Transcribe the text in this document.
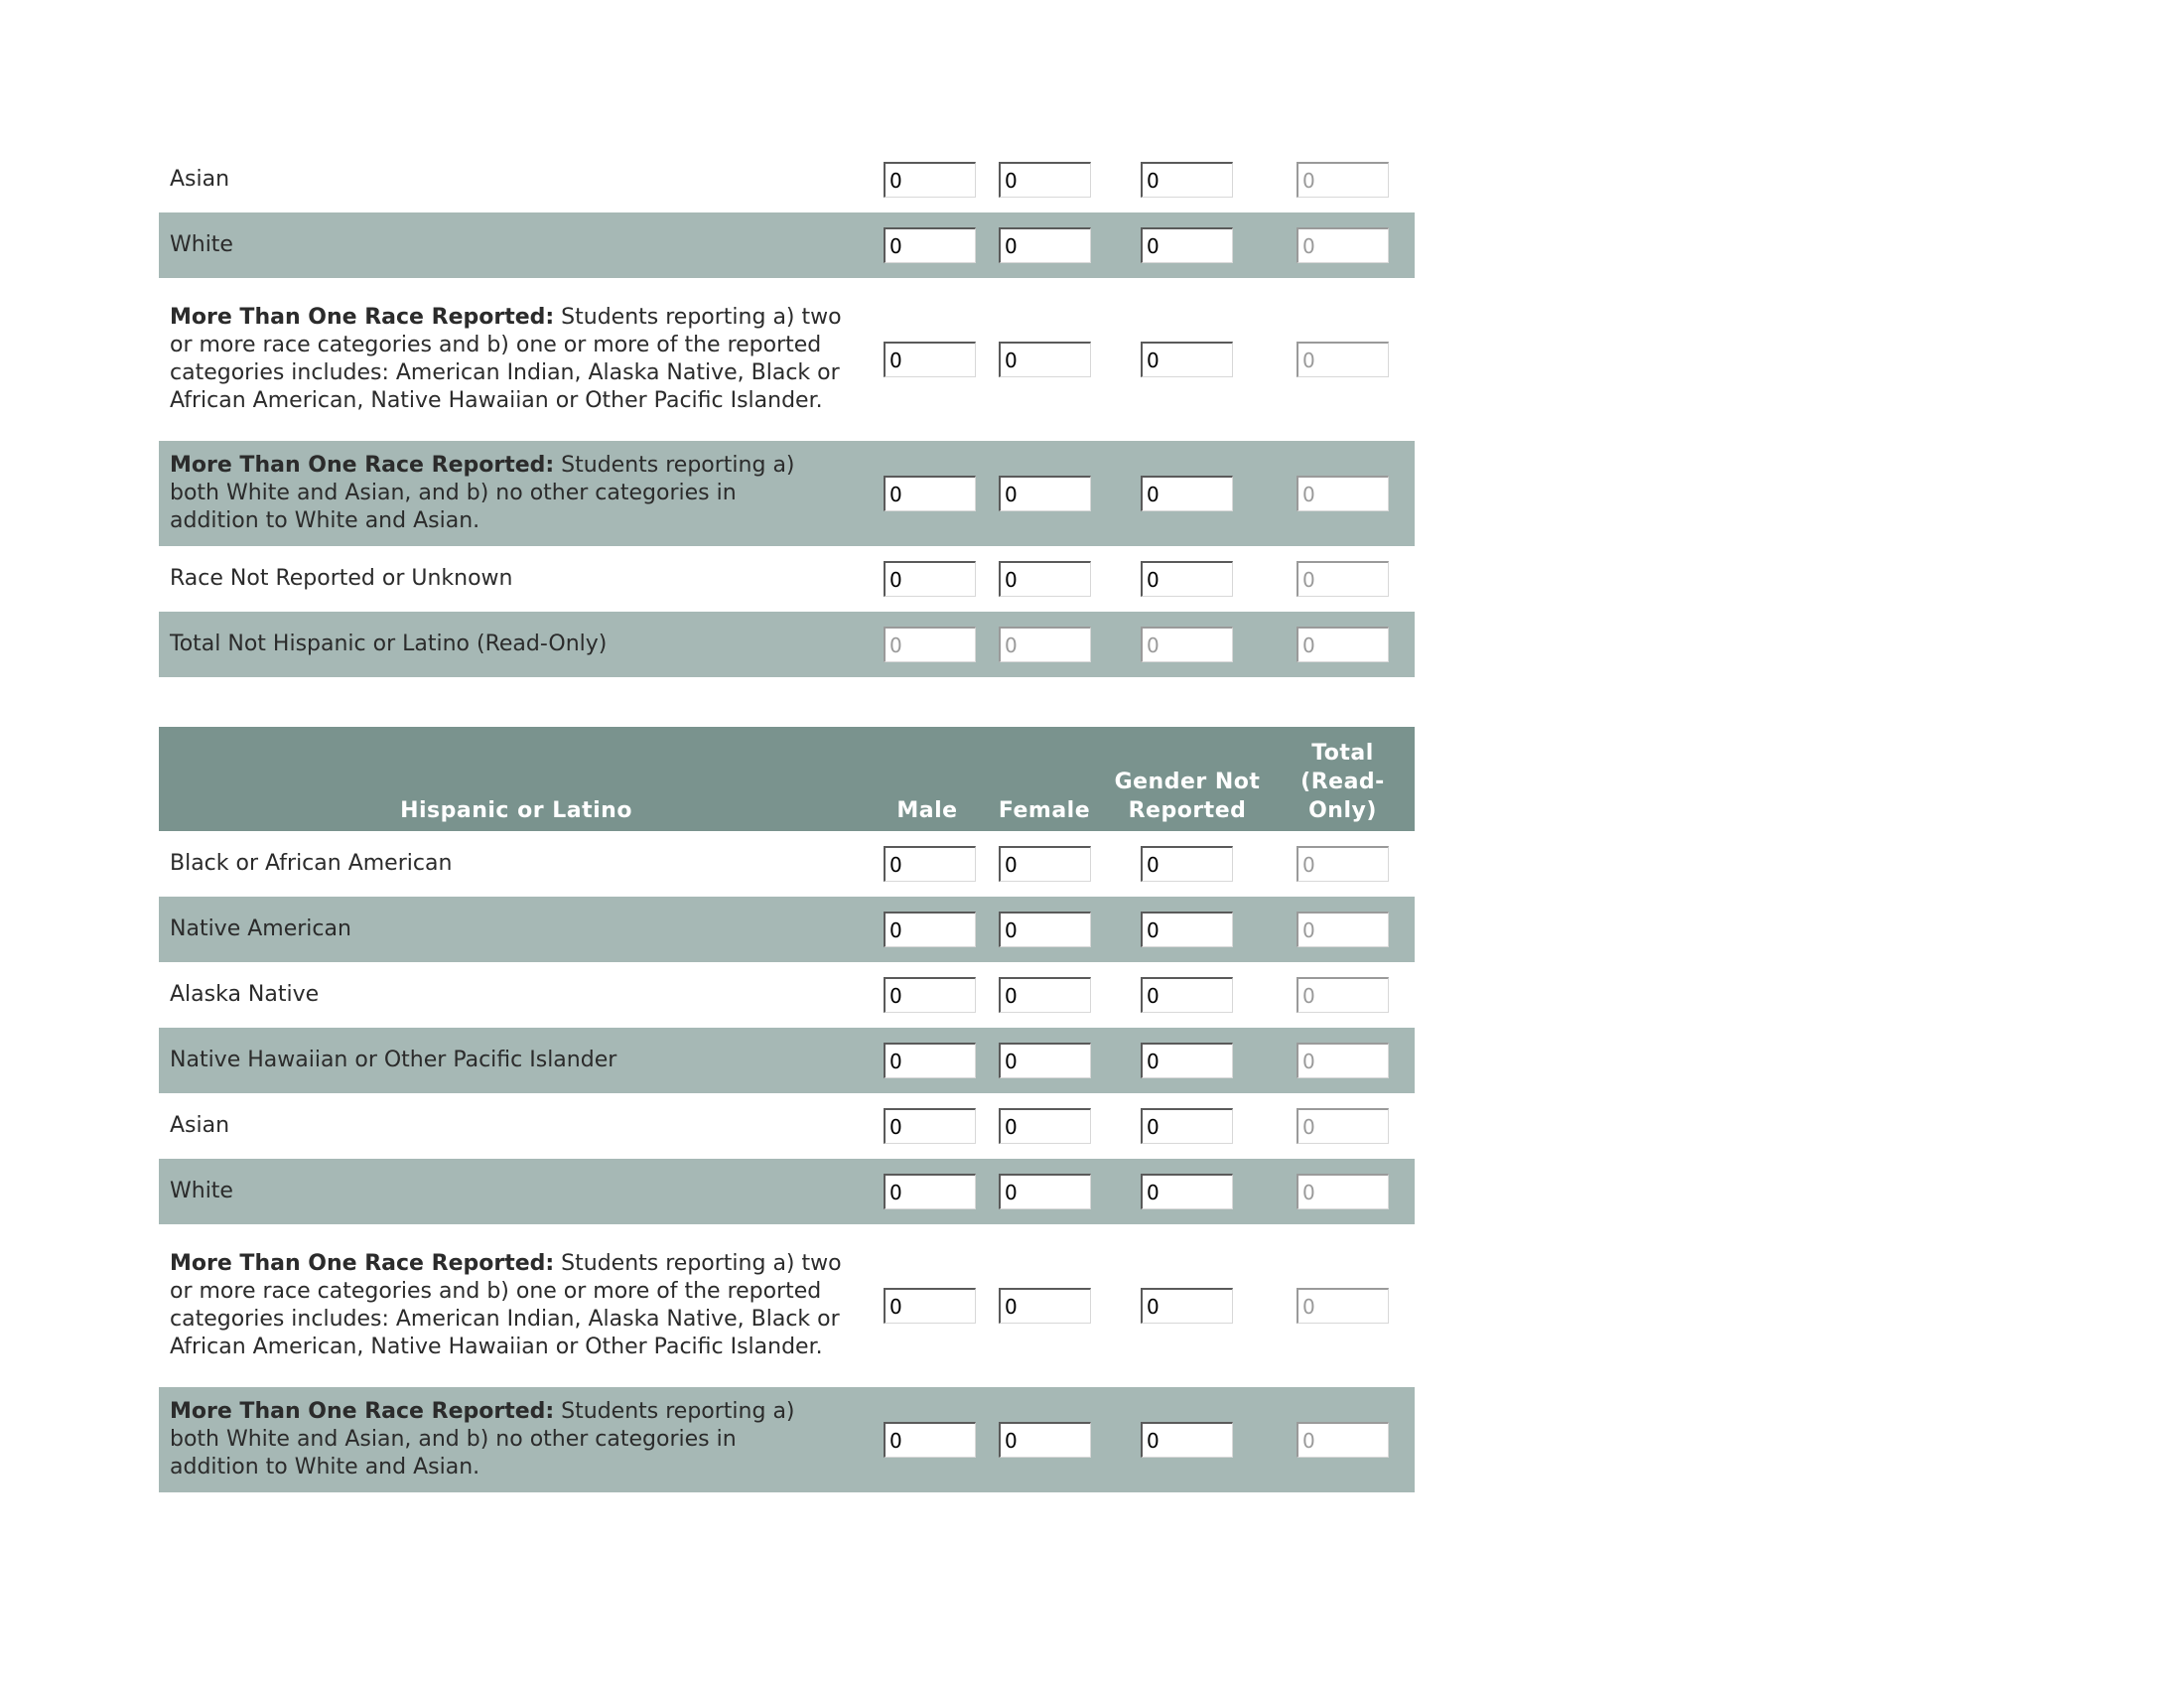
Asian
0
0
0
0
White
0
0
0
0
More Than One Race Reported: Students reporting a) two or more race categories and b) one or more of the reported categories includes: American Indian, Alaska Native, Black or African American, Native Hawaiian or Other Pacific Islander.
0
0
0
0
More Than One Race Reported: Students reporting a) both White and Asian, and b) no other categories in addition to White and Asian.
0
0
0
0
Race Not Reported or Unknown
0
0
0
0
Total Not Hispanic or Latino (Read-Only)
0
0
0
0
Hispanic or Latino	Male	Female
Gender Not Reported
Total (Read-Only)
Black or African American
0
0
0
0
Native American
0
0
0
0
Alaska Native
0
0
0
0
Native Hawaiian or Other Pacific Islander
0
0
0
0
Asian
0
0
0
0
White
0
0
0
0
More Than One Race Reported: Students reporting a) two or more race categories and b) one or more of the reported categories includes: American Indian, Alaska Native, Black or African American, Native Hawaiian or Other Pacific Islander.
0
0
0
0
More Than One Race Reported: Students reporting a) both White and Asian, and b) no other categories in addition to White and Asian.
0
0
0
0
